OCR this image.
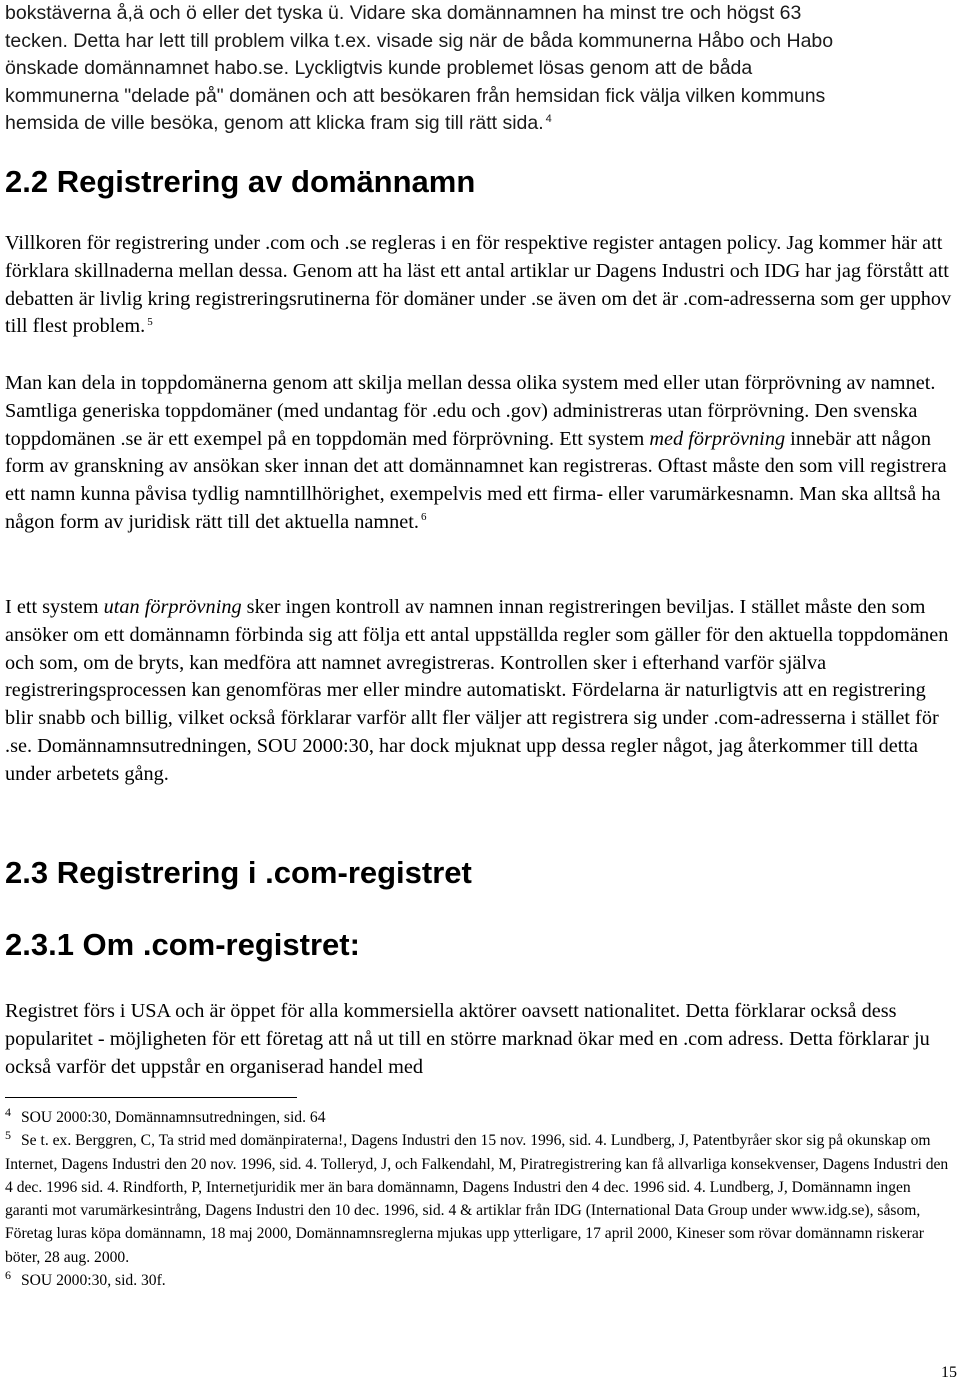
bokstäverna å,ä och ö eller det tyska ü. Vidare ska domännamnen ha minst tre och högst 63
tecken. Detta har lett till problem vilka t.ex. visade sig när de båda kommunerna Håbo och Habo
önskade domännamnet habo.se. Lyckligtvis kunde problemet lösas genom att de båda
kommunerna "delade på" domänen och att besökaren från hemsidan fick välja vilken kommuns
hemsida de ville besöka, genom att klicka fram sig till rätt sida. $^4$
2.2 Registrering av domännamn

Villkoren för registrering under .com och .se regleras i en för respektive register antagen policy. Jag kommer här att förklara skillnaderna mellan dessa. Genom att ha läst ett antal artiklar ur Dagens Industri och IDG har jag förstått att debatten är livlig kring registreringsrutinerna för domäner under .se även om det är .com-adresserna som ger upphov till flest problem. $^5$

Man kan dela in toppdomänerna genom att skilja mellan dessa olika system med eller utan förprövning av namnet. Samtliga generiska toppdomäner (med undantag för .edu och .gov) administreras utan förprövning. Den svenska toppdomänen .se är ett exempel på en toppdomän med förprövning. Ett system med förprövning innebär att någon form av granskning av ansökan sker innan det att domännamnet kan registreras. Oftast måste den som vill registrera ett namn kunna påvisa tydlig namntillhörighet, exempelvis med ett firma- eller varumärkesnamn. Man ska alltså ha någon form av juridisk rätt till det aktuella namnet. $^6$

I ett system utan förprövning sker ingen kontroll av namnen innan registreringen beviljas. I stället måste den som ansöker om ett domännamn förbinda sig att följa ett antal uppställda regler som gäller för den aktuella toppdomänen och som, om de bryts, kan medföra att namnet avregistreras. Kontrollen sker i efterhand varför själva registreringsprocessen kan genomföras mer eller mindre automatiskt. Fördelarna är naturligtvis att en registrering blir snabb och billig, vilket också förklarar varför allt fler väljer att registrera sig under .com-adresserna i stället för .se. Domännamnsutredningen, SOU 2000:30, har dock mjuknat upp dessa regler något, jag återkommer till detta under arbetets gång.

2.3 Registrering i .com-registret
2.3.1 Om .com-registret:

Registret förs i USA och är öppet för alla kommersiella aktörer oavsett nationalitet. Detta förklarar också dess popularitet - möjligheten för ett företag att nå ut till en större marknad ökar med en .com adress. Detta förklarar ju också varför det uppstår en organiserad handel med

$^4$ SOU 2000:30, Domännamnsutredningen, sid. 64
$^5$ Se t. ex. Berggren, C, Ta strid med domänpiraterna!, Dagens Industri den 15 nov. 1996, sid. 4. Lundberg, J, Patentbyråer skor sig på okunskap om Internet, Dagens Industri den 20 nov. 1996, sid. 4. Tolleryd, J, och Falkendahl, M, Piratregistrering kan få allvarliga konsekvenser, Dagens Industri den 4 dec. 1996 sid. 4. Rindforth, P, Internetjuridik mer än bara domännamn, Dagens Industri den 4 dec. 1996 sid. 4. Lundberg, J, Domännamn ingen garanti mot varumärkesintrång, Dagens Industri den 10 dec. 1996, sid. 4 & artiklar från IDG (International Data Group under www.idg.se), såsom, Företag luras köpa domännamn, 18 maj 2000, Domännamnsreglerna mjukas upp ytterligare, 17 april 2000, Kineser som rövar domännamn riskerar böter, 28 aug. 2000.
$^6$ SOU 2000:30, sid. 30f.
15
